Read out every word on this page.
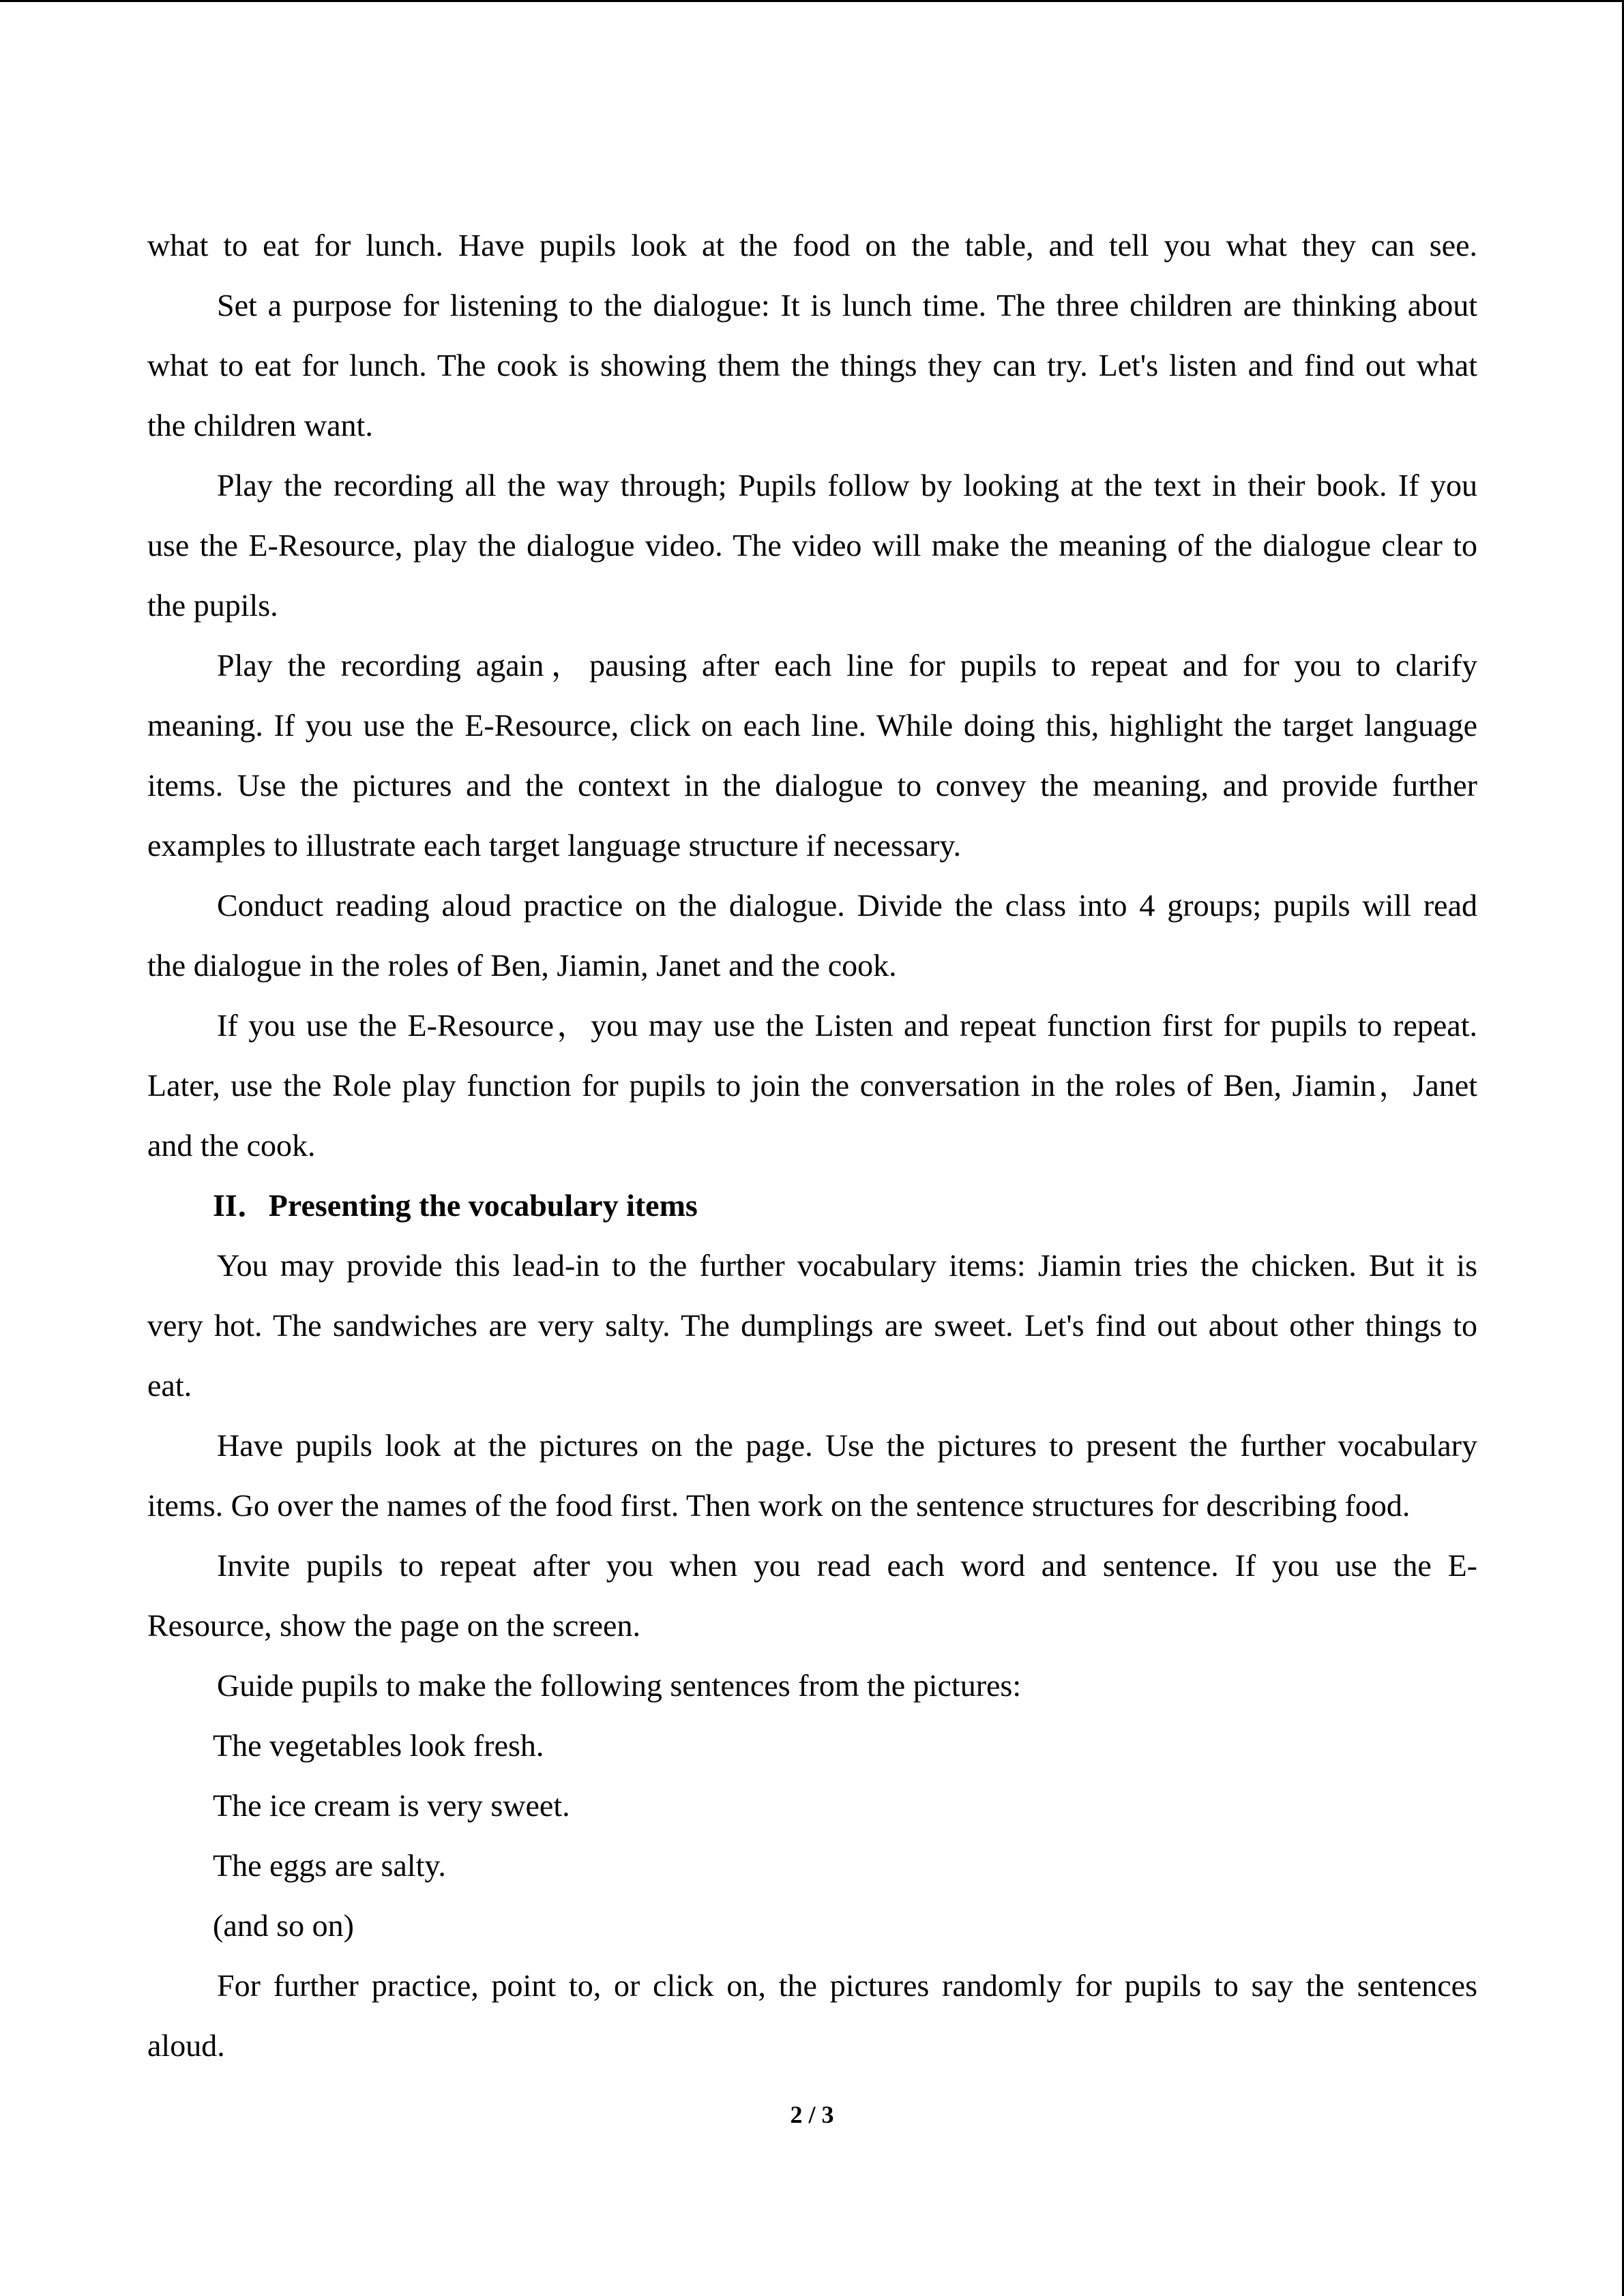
what to eat for lunch. Have pupils look at the food on the table, and tell you what they can see.
Set a purpose for listening to the dialogue: It is lunch time. The three children are thinking about
what to eat for lunch. The cook is showing them the things they can try. Let's listen and find out what
the children want.
Play the recording all the way through; Pupils follow by looking at the text in their book. If you
use the E-Resource, play the dialogue video. The video will make the meaning of the dialogue clear to
the pupils.
Play the recording again，pausing after each line for pupils to repeat and for you to clarify
meaning. If you use the E-Resource, click on each line. While doing this, highlight the target language
items. Use the pictures and the context in the dialogue to convey the meaning, and provide further
examples to illustrate each target language structure if necessary.
Conduct reading aloud practice on the dialogue. Divide the class into 4 groups; pupils will read
the dialogue in the roles of Ben, Jiamin, Janet and the cook.
If you use the E-Resource，you may use the Listen and repeat function first for pupils to repeat.
Later, use the Role play function for pupils to join the conversation in the roles of Ben, Jiamin，Janet
and the cook.
II．Presenting the vocabulary items
You may provide this lead-in to the further vocabulary items: Jiamin tries the chicken. But it is
very hot. The sandwiches are very salty. The dumplings are sweet. Let's find out about other things to
eat.
Have pupils look at the pictures on the page. Use the pictures to present the further vocabulary
items. Go over the names of the food first. Then work on the sentence structures for describing food.
Invite pupils to repeat after you when you read each word and sentence. If you use the E-
Resource, show the page on the screen.
Guide pupils to make the following sentences from the pictures:
The vegetables look fresh.
The ice cream is very sweet.
The eggs are salty.
(and so on)
For further practice, point to, or click on, the pictures randomly for pupils to say the sentences
aloud.
2 / 3
